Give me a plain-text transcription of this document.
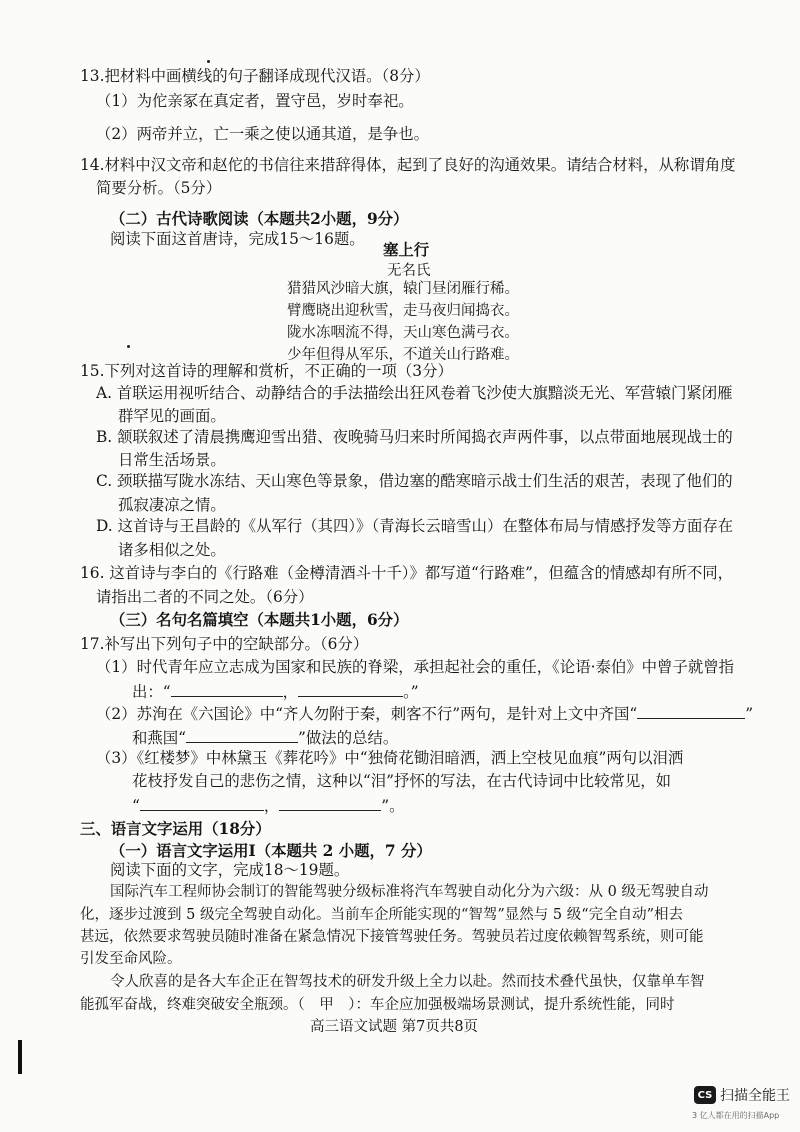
13.把材料中画横线的句子翻译成现代汉语。（8分）

（1）为佗亲冢在真定者，置守邑，岁时奉祀。

（2）两帝并立，亡一乘之使以通其道，是争也。

14.材料中汉文帝和赵佗的书信往来措辞得体，起到了良好的沟通效果。请结合材料，从称谓角度

简要分析。（5分）

（二）古代诗歌阅读（本题共2小题，9分）

阅读下面这首唐诗，完成15～16题。

塞上行

无名氏

猎猎风沙暗大旗，辕门昼闭雁行稀。

臂鹰晓出迎秋雪，走马夜归闻捣衣。

陇水冻咽流不得，天山寒色满弓衣。

少年但得从军乐，不道关山行路难。

15.下列对这首诗的理解和赏析，不正确的一项（3分）

A. 首联运用视听结合、动静结合的手法描绘出狂风卷着飞沙使大旗黯淡无光、军营辕门紧闭雁

群罕见的画面。

B. 颔联叙述了清晨携鹰迎雪出猎、夜晚骑马归来时所闻捣衣声两件事，以点带面地展现战士的

日常生活场景。

C. 颈联描写陇水冻结、天山寒色等景象，借边塞的酷寒暗示战士们生活的艰苦，表现了他们的

孤寂凄凉之情。

D. 这首诗与王昌龄的《从军行（其四）》（青海长云暗雪山）在整体布局与情感抒发等方面存在

诸多相似之处。

16. 这首诗与李白的《行路难（金樽清酒斗十千）》都写道“行路难”，但蕴含的情感却有所不同，

请指出二者的不同之处。（6分）

（三）名句名篇填空（本题共1小题，6分）

17.补写出下列句子中的空缺部分。（6分）

（1）时代青年应立志成为国家和民族的脊梁，承担起社会的重任，《论语·泰伯》中曾子就曾指

出：“	，	。”

（2）苏洵在《六国论》中“齐人勿附于秦，刺客不行”两句，是针对上文中齐国“	”

和燕国“	”做法的总结。

（3）《红楼梦》中林黛玉《葬花吟》中“独倚花锄泪暗洒，洒上空枝见血痕”两句以泪洒

花枝抒发自己的悲伤之情，这种以“泪”抒怀的写法，在古代诗词中比较常见，如

“	，	”。

三、语言文字运用（18分）

（一）语言文字运用Ⅰ（本题共 2 小题，7 分）

阅读下面的文字，完成18～19题。

国际汽车工程师协会制订的智能驾驶分级标准将汽车驾驶自动化分为六级：从 0 级无驾驶自动

化，逐步过渡到 5 级完全驾驶自动化。当前车企所能实现的“智驾”显然与 5 级“完全自动”相去

甚远，依然要求驾驶员随时准备在紧急情况下接管驾驶任务。驾驶员若过度依赖智驾系统，则可能

引发至命风险。

令人欣喜的是各大车企正在智驾技术的研发升级上全力以赴。然而技术叠代虽快，仅靠单车智

能孤军奋战，终难突破安全瓶颈。（　甲　）：车企应加强极端场景测试，提升系统性能，同时

高三语文试题 第7页共8页

CS 扫描全能王
3 亿人都在用的扫描App
